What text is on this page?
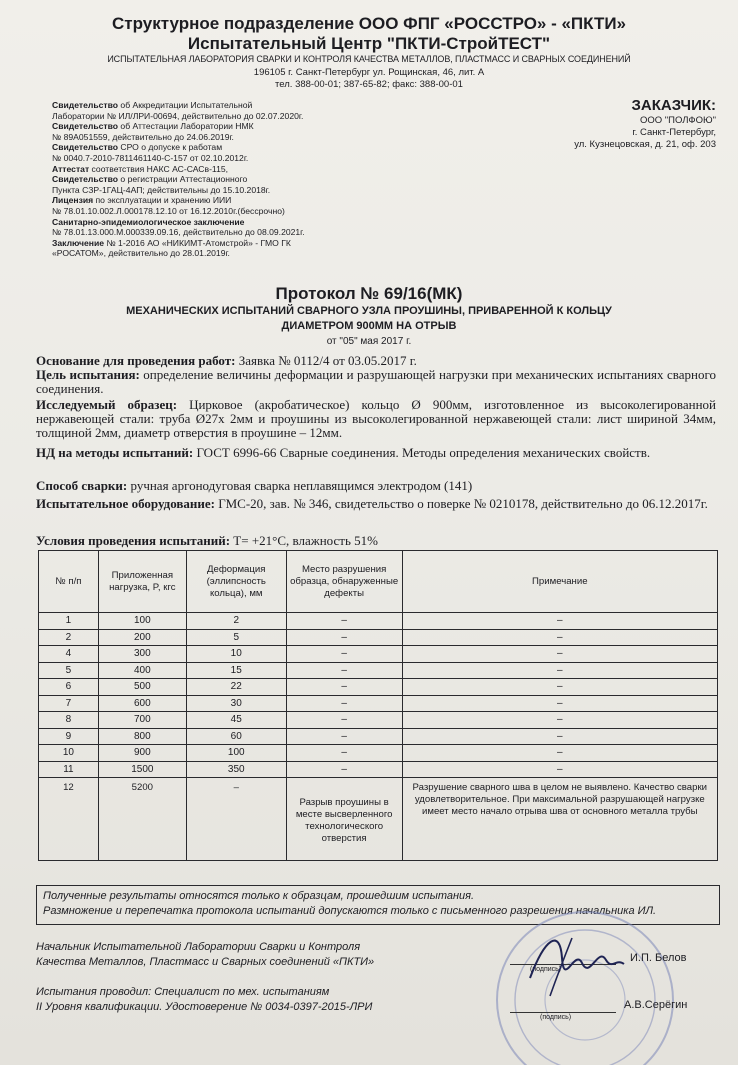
Структурное подразделение ООО ФПГ «РОССТРО» - «ПКТИ»
Испытательный Центр "ПКТИ-СтройТЕСТ"
ИСПЫТАТЕЛЬНАЯ ЛАБОРАТОРИЯ СВАРКИ И КОНТРОЛЯ КАЧЕСТВА МЕТАЛЛОВ, ПЛАСТМАСС И СВАРНЫХ СОЕДИНЕНИЙ
196105 г. Санкт-Петербург ул. Рощинская, 46, лит. А
тел. 388-00-01; 387-65-82; факс: 388-00-01
Свидетельство об Аккредитации Испытательной
Лаборатории № ИЛ/ЛРИ-00694, действительно до 02.07.2020г.
Свидетельство об Аттестации Лаборатории НМК
№ 89А051559, действительно до 24.06.2019г.
Свидетельство СРО о допуске к работам
№ 0040.7-2010-7811461140-С-157 от 02.10.2012г.
Аттестат соответствия НАКС АС-САСв-115,
Свидетельство о регистрации Аттестационного
Пункта СЗР-1ГАЦ-4АП; действительны до 15.10.2018г.
Лицензия по эксплуатации и хранению ИИИ
№ 78.01.10.002.Л.000178.12.10 от 16.12.2010г.(бессрочно)
Санитарно-эпидемиологическое заключение
№ 78.01.13.000.М.000339.09.16, действительно до 08.09.2021г.
Заключение № 1-2016 АО «НИКИМТ-Атомстрой» - ГМО ГК
«РОСАТОМ», действительно до 28.01.2019г.
ЗАКАЗЧИК:
ООО "ПОЛФОЮ"
г. Санкт-Петербург,
ул. Кузнецовская, д. 21, оф. 203
Протокол № 69/16(МК)
МЕХАНИЧЕСКИХ ИСПЫТАНИЙ СВАРНОГО УЗЛА ПРОУШИНЫ, ПРИВАРЕННОЙ К КОЛЬЦУ
ДИАМЕТРОМ 900ММ НА ОТРЫВ
от "05" мая 2017 г.
Основание для проведения работ: Заявка № 0112/4 от 03.05.2017 г.
Цель испытания: определение величины деформации и разрушающей нагрузки при механических испытаниях сварного соединения.
Исследуемый образец: Цирковое (акробатическое) кольцо Ø 900мм, изготовленное из высоколегированной нержавеющей стали: труба Ø27х 2мм и проушины из высоколегированной нержавеющей стали: лист шириной 34мм, толщиной 2мм, диаметр отверстия в проушине – 12мм.
НД на методы испытаний: ГОСТ 6996-66 Сварные соединения. Методы определения механических свойств.
Способ сварки: ручная аргонодуговая сварка неплавящимся электродом (141)
Испытательное оборудование: ГМС-20, зав. № 346, свидетельство о поверке № 0210178, действительно до 06.12.2017г.
Условия проведения испытаний: T= +21°C, влажность 51%
№ п/п	Приложенная нагрузка, P, кгс	Деформация (эллипсность кольца), мм	Место разрушения образца, обнаруженные дефекты	Примечание
1	100	2	–	–
2	200	5	–	–
4	300	10	–	–
5	400	15	–	–
6	500	22	–	–
7	600	30	–	–
8	700	45	–	–
9	800	60	–	–
10	900	100	–	–
11	1500	350	–	–
12	5200	–	Разрыв проушины в месте высверленного технологического отверстия	Разрушение сварного шва в целом не выявлено. Качество сварки удовлетворительное. При максимальной разрушающей нагрузке имеет место начало отрыва шва от основного металла трубы
Полученные результаты относятся только к образцам, прошедшим испытания.
Размножение и перепечатка протокола испытаний допускаются только с письменного разрешения начальника ИЛ.
Начальник Испытательной Лаборатории Сварки и Контроля
Качества Металлов, Пластмасс и Сварных соединений «ПКТИ»
(подпись)
И.П. Белов
Испытания проводил: Специалист по мех. испытаниям
II Уровня квалификации. Удостоверение № 0034-0397-2015-ЛРИ
(подпись)
А.В.Серёгин
